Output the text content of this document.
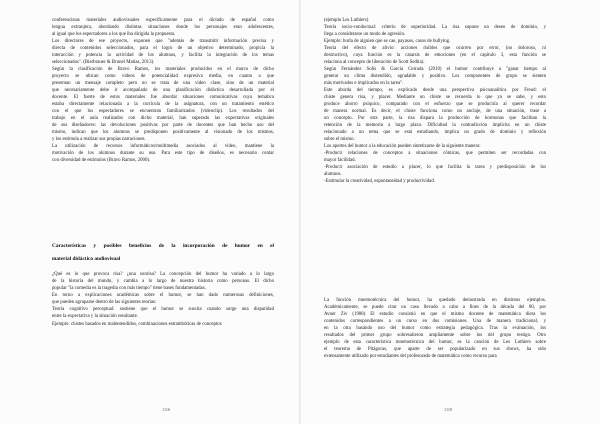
conferencistas materiales audiovisuales específicamente para el dictado de español como
lengua extranjera, abordando distintas situaciones donde los personajes eran adolescentes,
al igual que los espectadores a los que iba dirigida la propuesta.
Los directores de ese proyecto, exponen que "además de transmitir información precisa y
directa de contenidos seleccionados, para el logro de un objetivo determinado, propicia la
interacción y potencia la actividad de los alumnos, y facilita la integración de los temas
seleccionados". (Bierbrauer & Brunel Matías, 2013).
Según la clasificación de Bravo Ramos, los materiales producidos en el marco de dicho
proyecto se ubican como videos de potencialidad expresiva media, en cuanto a que
presentan un mensaje completo pero no se trata de una video clase, sino de un material
que necesariamente debe ir acompañado de una planificación didáctica desarrollada por el
docente. El fuerte de estos materiales fue abordar situaciones comunicativas cuya temática
estaba directamente relacionada a la currícula de la asignatura, con un tratamiento estético
con el que los espectadores se encuentran familiarizados (videoclip). Los resultados del
trabajo en el aula realizados con dicho material, han superado las expectativas originales
de sus diseñadores: las devoluciones positivas por parte de docentes que han hecho uso del
mismo, indican que los alumnos se predisponen positivamente al visionado de los mismos,
y los estimula a realizar sus propias narraciones.
La utilización de recursos informáticos/multimedia asociados al video, mantiene la
motivación de los alumnos durante su uso. Para este tipo de diseños, es necesario contar
con diversidad de estímulos (Bravo Ramos, 2000).
Características y posibles beneficios de la incorporación de humor en el
material didáctico audiovisual
¿Qué es lo que provoca risa? ¿una sonrisa? La concepción del humor ha variado a lo largo
de la historia del mundo, y cambia a lo largo de nuestra historia como personas. El dicho
popular "la comedia es la tragedia con más tiempo" tiene bases fundamentadas.
En torno a explicaciones académicas sobre el humor, se han dado numerosas definiciones,
que pueden agruparse dentro de las siguientes teorías:
Teoría cognitivo perceptual: sostiene que el humor se suscita cuando surge una disparidad
entre la expectativa y la situación resultante.
Ejemplo: chistes basados en malentendidos, combinaciones estrambóticas de conceptos
1116
(ejemplo Les Luthiers)
Teoría socio-conductual: criterio de superioridad. La risa supone un deseo de dominio, y
llega a considerarse un modo de agresión.
Ejemplo: burla de alguien que se cae, payasos, casos de bullying.
Teoría del efecto de alivio: acciones risibles que ocurren por error, (no doloroso, ni
destructivo), cuya función es la catarsis de emociones (en el capítulo 3, esta función se
relaciona al concepto de liberación de Scott Sedita).
Según Fernández Solís & García Cerrada (2010) el humor contribuye a "ganar tiempo al
generar un clima distendido, agradable y positivo. Los componentes de grupo se sienten
más motivados e implicados en la tarea".
Este aborda del tiempo, es explicado desde una perspectiva psicoanalítica por Freud: el
chiste genera risa, y placer. Mediante un chiste se recuerda lo que ya se sabe, y esto
produce ahorro psíquico, comparado con el esfuerzo que se produciría al querer recordar
de manera normal. Es decir, el chiste funciona como un anclaje, de una situación, trase a
un concepto. Por otra parte, la risa dispara la producción de hormonas que facilitan la
retención de la memoria a largo plazo. Dificultad la contradicción implícita en un chiste
relacionado a un tema que se está estudiando, implica un grado de dominio y reflexión
sobre el mismo.
Los aportes del humor a la educación pueden sintetizarse de la siguiente manera:
-Producir relaciones de conceptos a situaciones cómicas, que permiten ser recordadas con
mayor facilidad.
-Producir asociación de estudio a placer, lo que facilita la tarea y predisposición de los
alumnos.
-Estimular la creatividad, espontaneidad y productividad.
La función mnemotécnica del humor, ha quedado demostrada en distintos ejemplos.
Académicamente, se puede citar un caso llevado a cabo a fines de la década del 80, por
Avner Ziv (1988) El estudio consistió en que el mismo docente de matemática diera los
contenidos correspondientes a un curso en dos comisiones. Una de manera tradicional, y
en la otra basándo uso del humor como estrategia pedagógica. Tras la evaluación, los
resultados del primer grupo sobresalieron ampliamente sobre los del grupo testigo. Otro
ejemplo de esta característica mnemotécnica del humor, es la canción de Les Luthiers sobre
el teorema de Pitágoras, que aparte de ser popularizado en sus shows, ha sido
extensamente utilizado por estudiantes del profesorado de matemática como recurso para
1118
